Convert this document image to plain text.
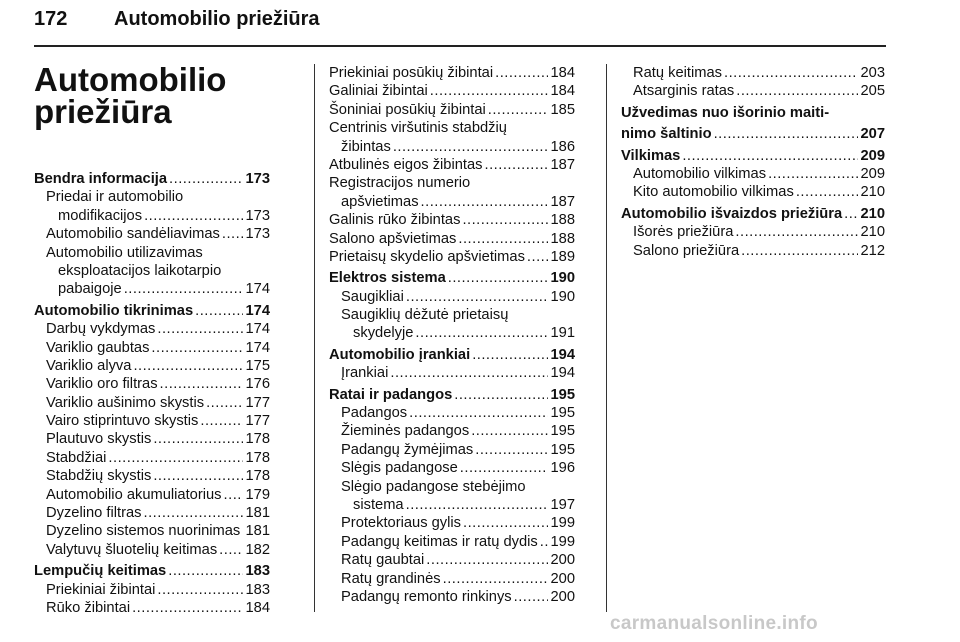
172 Automobilio priežiūra
Automobilio
priežiūra
Bendra informacija .....	173
Priedai ir automobilio
modifikacijos .....	173
Automobilio sandėliavimas ..... 173
Automobilio utilizavimas
eksploatacijos laikotarpio
pabaigoje .....	174
Automobilio tikrinimas .....	174
Darbų vykdymas .....	174
Variklio gaubtas .....	174
Variklio alyva .....	175
Variklio oro filtras .....	176
Variklio aušinimo skystis .....	177
Vairo stiprintuvo skystis .....	177
Plautuvo skystis .....	178
Stabdžiai .....	178
Stabdžių skystis .....	178
Automobilio akumuliatorius ..... 179
Dyzelino filtras .....	181
Dyzelino sistemos nuorinimas ..... 181
Valytuvų šluotelių keitimas ..... 182
Lempučių keitimas .....	183
Priekiniai žibintai .....	183
Rūko žibintai .....	184
Priekiniai posūkių žibintai .....	184
Galiniai žibintai .....	184
Šoniniai posūkių žibintai .....	185
Centrinis viršutinis stabdžių
žibintas .....	186
Atbulinės eigos žibintas .....	187
Registracijos numerio
apšvietimas .....	187
Galinis rūko žibintas .....	188
Salono apšvietimas .....	188
Prietaisų skydelio apšvietimas ..... 189
Elektros sistema .....	190
Saugikliai .....	190
Saugiklių dėžutė prietaisų
skydelyje .....	191
Automobilio įrankiai .....	194
Įrankiai .....	194
Ratai ir padangos .....	195
Padangos .....	195
Žieminės padangos .....	195
Padangų žymėjimas .....	195
Slėgis padangose .....	196
Slėgio padangose stebėjimo
sistema .....	197
Protektoriaus gylis .....	199
Padangų keitimas ir ratų dydis ..... 199
Ratų gaubtai .....	200
Ratų grandinės .....	200
Padangų remonto rinkinys .....	200
Ratų keitimas .....	203
Atsarginis ratas .....	205
Užvedimas nuo išorinio maiti-
nimo šaltinio .....	207
Vilkimas .....	209
Automobilio vilkimas .....	209
Kito automobilio vilkimas .....	210
Automobilio išvaizdos priežiūra ..... 210
Išorės priežiūra .....	210
Salono priežiūra .....	212
carmanualsonline.info
